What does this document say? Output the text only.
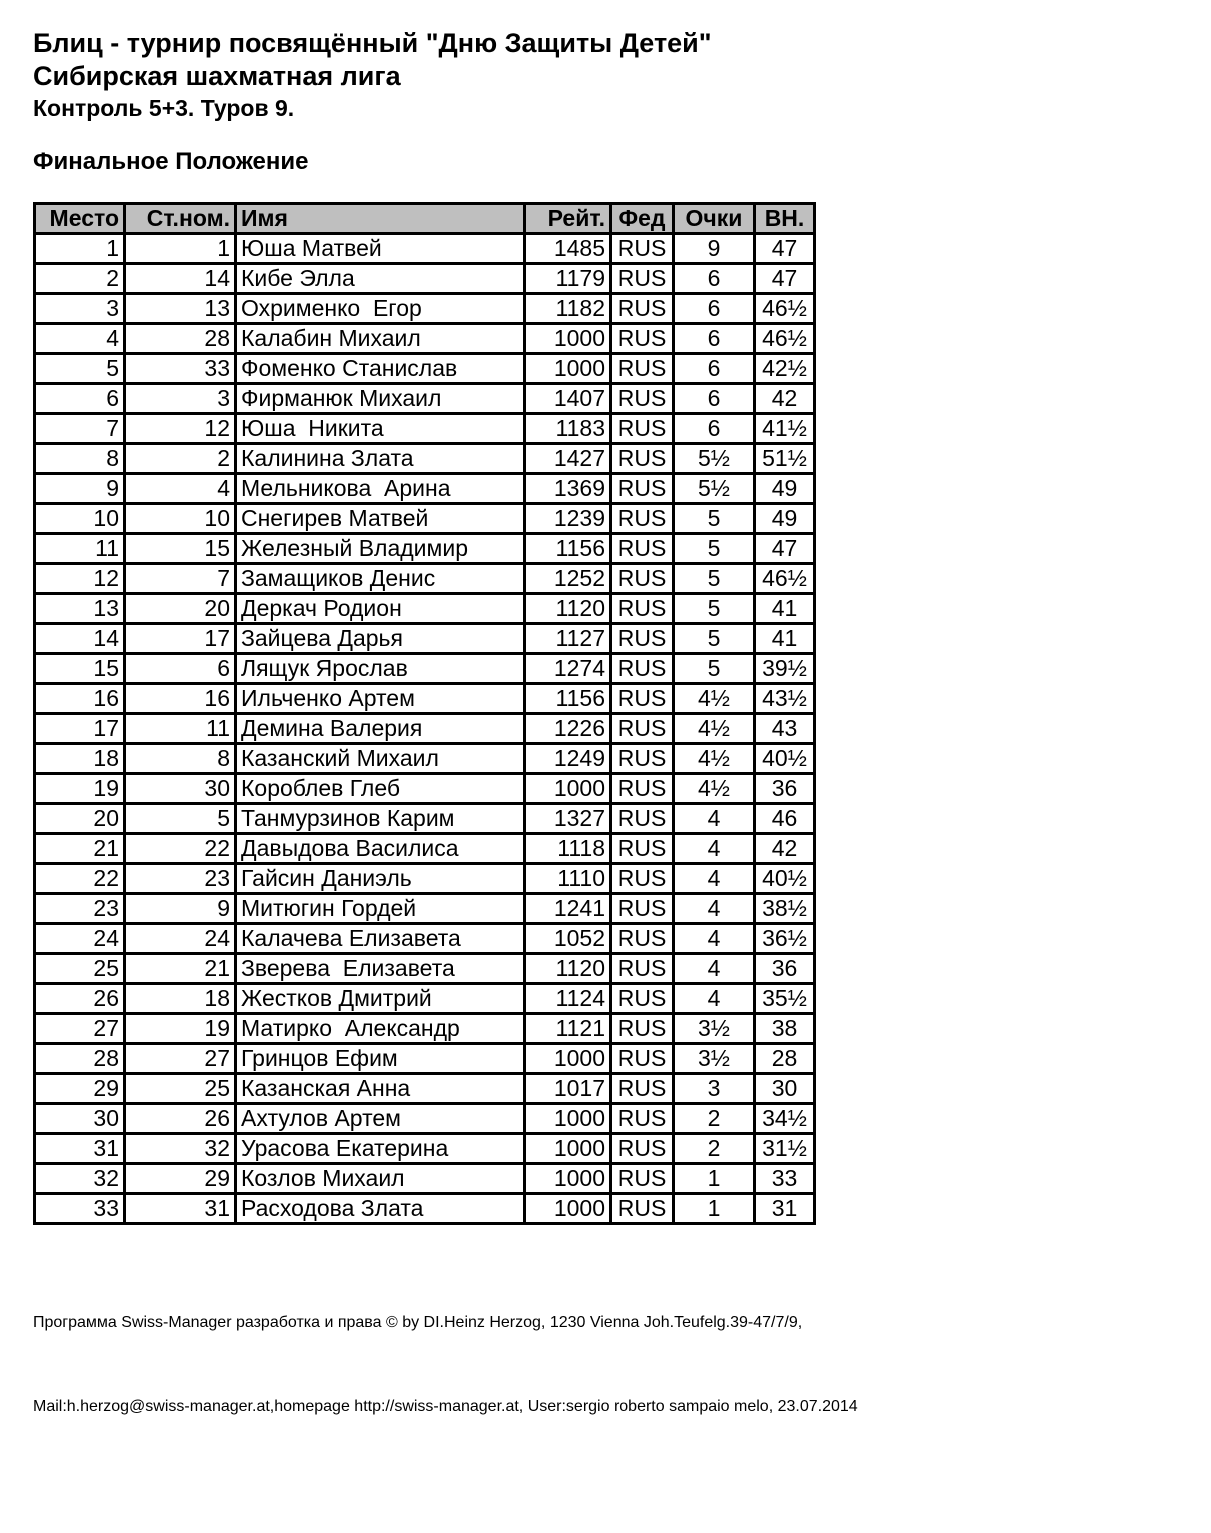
Блиц - турнир посвящённый "Дню Защиты Детей"
Сибирская шахматная лига
Контроль 5+3. Туров 9.
Финальное Положение
Место	Ст.ном.	Имя	Рейт.	Фед	Очки	ВН.
1	1	Юша Матвей	1485	RUS	9	47
2	14	Кибе Элла	1179	RUS	6	47
3	13	Охрименко  Егор	1182	RUS	6	46½
4	28	Калабин Михаил	1000	RUS	6	46½
5	33	Фоменко Станислав	1000	RUS	6	42½
6	3	Фирманюк Михаил	1407	RUS	6	42
7	12	Юша  Никита	1183	RUS	6	41½
8	2	Калинина Злата	1427	RUS	5½	51½
9	4	Мельникова  Арина	1369	RUS	5½	49
10	10	Снегирев Матвей	1239	RUS	5	49
11	15	Железный Владимир	1156	RUS	5	47
12	7	Замащиков Денис	1252	RUS	5	46½
13	20	Деркач Родион	1120	RUS	5	41
14	17	Зайцева Дарья	1127	RUS	5	41
15	6	Лящук Ярослав	1274	RUS	5	39½
16	16	Ильченко Артем	1156	RUS	4½	43½
17	11	Демина Валерия	1226	RUS	4½	43
18	8	Казанский Михаил	1249	RUS	4½	40½
19	30	Короблев Глеб	1000	RUS	4½	36
20	5	Танмурзинов Карим	1327	RUS	4	46
21	22	Давыдова Василиса	1118	RUS	4	42
22	23	Гайсин Даниэль	1110	RUS	4	40½
23	9	Митюгин Гордей	1241	RUS	4	38½
24	24	Калачева Елизавета	1052	RUS	4	36½
25	21	Зверева  Елизавета	1120	RUS	4	36
26	18	Жестков Дмитрий	1124	RUS	4	35½
27	19	Матирко  Александр	1121	RUS	3½	38
28	27	Гринцов Ефим	1000	RUS	3½	28
29	25	Казанская Анна	1017	RUS	3	30
30	26	Ахтулов Артем	1000	RUS	2	34½
31	32	Урасова Екатерина	1000	RUS	2	31½
32	29	Козлов Михаил	1000	RUS	1	33
33	31	Расходова Злата	1000	RUS	1	31

Программа Swiss-Manager разработка и права © by DI.Heinz Herzog, 1230 Vienna Joh.Teufelg.39-47/7/9,

Mail:h.herzog@swiss-manager.at,homepage http://swiss-manager.at, User:sergio roberto sampaio melo, 23.07.2014
